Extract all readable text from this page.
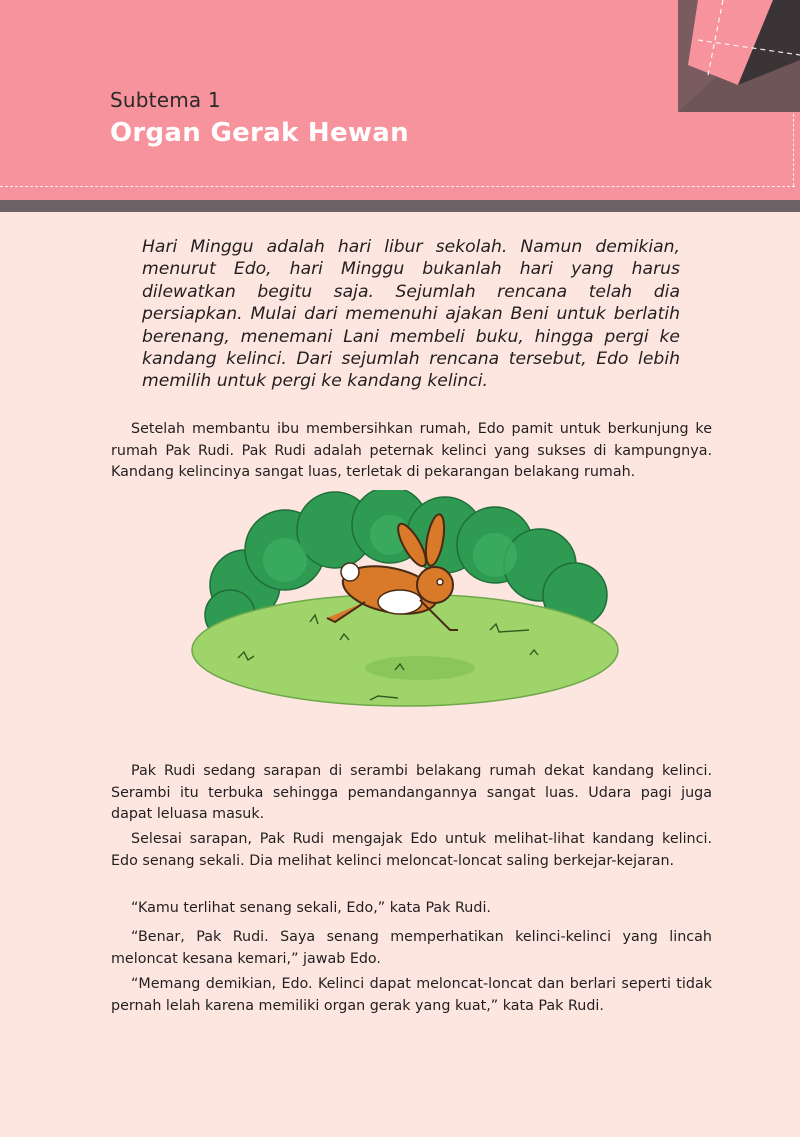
Subtema 1
Organ Gerak Hewan
Hari Minggu adalah hari libur sekolah. Namun demikian, menurut Edo, hari Minggu bukanlah hari yang harus dilewatkan begitu saja. Sejumlah rencana telah dia persiapkan. Mulai dari memenuhi ajakan Beni untuk berlatih berenang, menemani Lani membeli buku, hingga pergi ke kandang kelinci. Dari sejumlah rencana tersebut, Edo lebih memilih untuk pergi ke kandang kelinci.

Setelah membantu ibu membersihkan rumah, Edo pamit untuk berkunjung ke rumah Pak Rudi. Pak Rudi adalah peternak kelinci yang sukses di kampungnya. Kandang kelincinya sangat luas, terletak di pekarangan belakang rumah.

Pak Rudi sedang sarapan di serambi belakang rumah dekat kandang kelinci. Serambi itu terbuka sehingga pemandangannya sangat luas. Udara pagi juga dapat leluasa masuk.

Selesai sarapan, Pak Rudi mengajak Edo untuk melihat-lihat kandang kelinci. Edo senang sekali. Dia melihat kelinci meloncat-loncat saling berkejar-kejaran.

“Kamu terlihat senang sekali, Edo,” kata Pak Rudi.

“Benar, Pak Rudi. Saya senang memperhatikan kelinci-kelinci yang lincah meloncat kesana kemari,” jawab Edo.

“Memang demikian, Edo. Kelinci dapat meloncat-loncat dan berlari seperti tidak pernah lelah karena memiliki organ gerak yang kuat,” kata Pak Rudi.
